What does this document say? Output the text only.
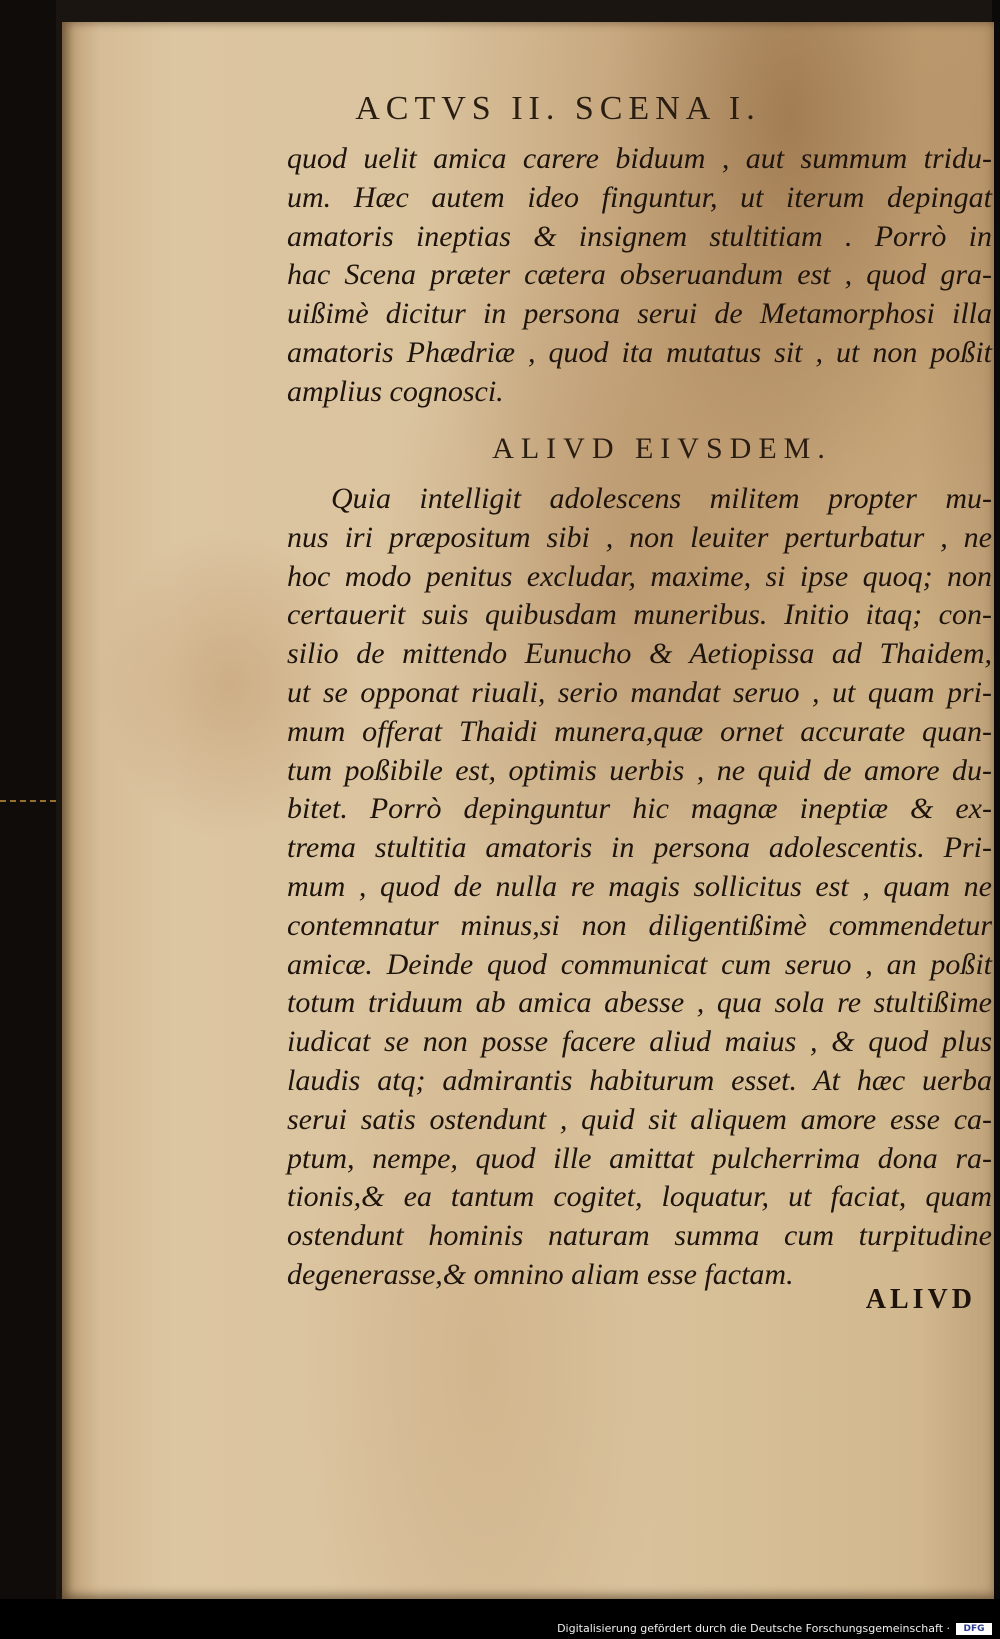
ACTVS II. SCENA I.
quod uelit amica carere biduum , aut summum tridu-
um. Hæc autem ideo finguntur, ut iterum depingat
amatoris ineptias & insignem stultitiam . Porrò in
hac Scena præter cætera obseruandum est , quod gra-
uißimè dicitur in persona serui de Metamorphosi illa
amatoris Phædriæ , quod ita mutatus sit , ut non poßit
amplius cognosci.
ALIVD EIVSDEM.
Quia intelligit adolescens militem propter mu-
nus iri præpositum sibi , non leuiter perturbatur , ne
hoc modo penitus excludar, maxime, si ipse quoq; non
certauerit suis quibusdam muneribus. Initio itaq; con-
silio de mittendo Eunucho & Aetiopissa ad Thaidem,
ut se opponat riuali, serio mandat seruo , ut quam pri-
mum offerat Thaidi munera,quæ ornet accurate quan-
tum poßibile est, optimis uerbis , ne quid de amore du-
bitet. Porrò depinguntur hic magnæ ineptiæ & ex-
trema stultitia amatoris in persona adolescentis. Pri-
mum , quod de nulla re magis sollicitus est , quam ne
contemnatur minus,si non diligentißimè commendetur
amicæ. Deinde quod communicat cum seruo , an poßit
totum triduum ab amica abesse , qua sola re stultißime
iudicat se non posse facere aliud maius , & quod plus
laudis atq; admirantis habiturum esset. At hæc uerba
serui satis ostendunt , quid sit aliquem amore esse ca-
ptum, nempe, quod ille amittat pulcherrima dona ra-
tionis,& ea tantum cogitet, loquatur, ut faciat, quam
ostendunt hominis naturam summa cum turpitudine
degenerasse,& omnino aliam esse factam.
ALIVD
Digitalisierung gefördert durch die Deutsche Forschungsgemeinschaft ·	DFG
